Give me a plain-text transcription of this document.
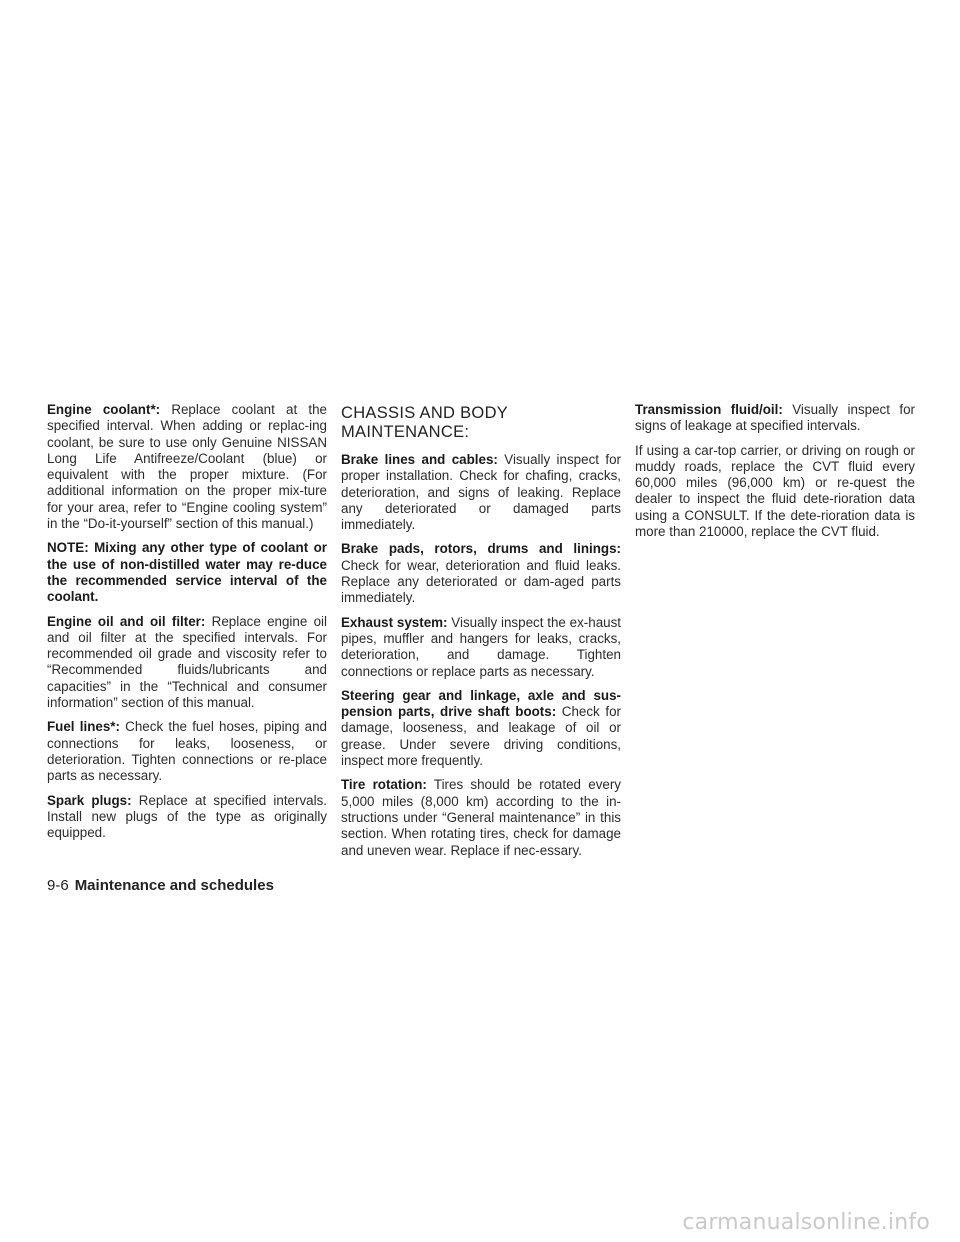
Engine coolant*: Replace coolant at the specified interval. When adding or replac-ing coolant, be sure to use only Genuine NISSAN Long Life Antifreeze/Coolant (blue) or equivalent with the proper mixture. (For additional information on the proper mix-ture for your area, refer to “Engine cooling system” in the “Do-it-yourself” section of this manual.)

NOTE: Mixing any other type of coolant or the use of non-distilled water may re-duce the recommended service interval of the coolant.

Engine oil and oil filter: Replace engine oil and oil filter at the specified intervals. For recommended oil grade and viscosity refer to “Recommended fluids/lubricants and capacities” in the “Technical and consumer information” section of this manual.

Fuel lines*: Check the fuel hoses, piping and connections for leaks, looseness, or deterioration. Tighten connections or re-place parts as necessary.

Spark plugs: Replace at specified intervals. Install new plugs of the type as originally equipped.

CHASSIS AND BODY
MAINTENANCE:

Brake lines and cables: Visually inspect for proper installation. Check for chafing, cracks, deterioration, and signs of leaking. Replace any deteriorated or damaged parts immediately.

Brake pads, rotors, drums and linings: Check for wear, deterioration and fluid leaks. Replace any deteriorated or dam-aged parts immediately.

Exhaust system: Visually inspect the ex-haust pipes, muffler and hangers for leaks, cracks, deterioration, and damage. Tighten connections or replace parts as necessary.

Steering gear and linkage, axle and sus-pension parts, drive shaft boots: Check for damage, looseness, and leakage of oil or grease. Under severe driving conditions, inspect more frequently.

Tire rotation: Tires should be rotated every 5,000 miles (8,000 km) according to the in-structions under “General maintenance” in this section. When rotating tires, check for damage and uneven wear. Replace if nec-essary.

Transmission fluid/oil: Visually inspect for signs of leakage at specified intervals.

If using a car-top carrier, or driving on rough or muddy roads, replace the CVT fluid every 60,000 miles (96,000 km) or re-quest the dealer to inspect the fluid dete-rioration data using a CONSULT. If the dete-rioration data is more than 210000, replace the CVT fluid.

9-6 Maintenance and schedules
carmanualsonline.info
